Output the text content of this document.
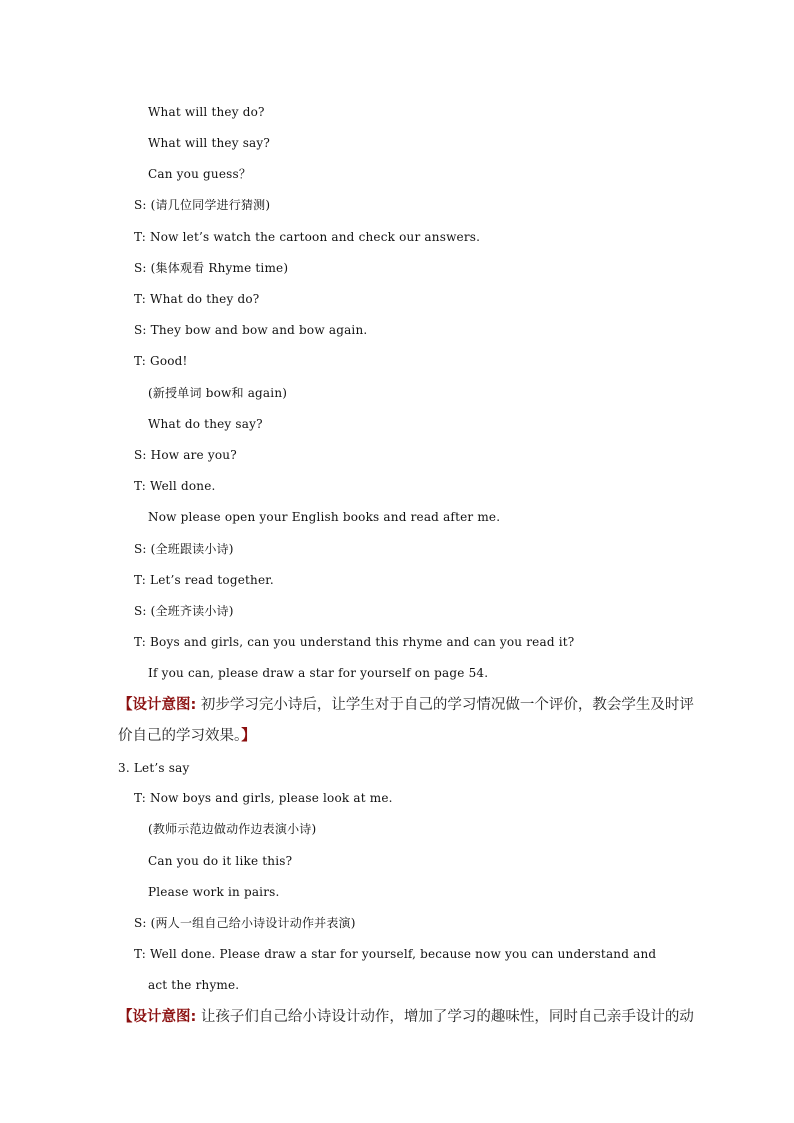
What will they do?
What will they say?
Can you guess？
S: (请几位同学进行猜测)
T: Now let’s watch the cartoon and check our answers.
S: (集体观看 Rhyme time)
T: What do they do?
S: They bow and bow and bow again.
T: Good!
(新授单词 bow和 again)
What do they say?
S: How are you?
T: Well done.
Now please open your English books and read after me.
S: (全班跟读小诗)
T: Let’s read together.
S: (全班齐读小诗)
T: Boys and girls, can you understand this rhyme and can you read it?
If you can, please draw a star for yourself on page 54.
【设计意图: 初步学习完小诗后，让学生对于自己的学习情况做一个评价，教会学生及时评
价自己的学习效果。】
3. Let’s say
T: Now boys and girls, please look at me.
(教师示范边做动作边表演小诗)
Can you do it like this?
Please work in pairs.
S: (两人一组自己给小诗设计动作并表演)
T: Well done. Please draw a star for yourself, because now you can understand and
act the rhyme.
【设计意图: 让孩子们自己给小诗设计动作，增加了学习的趣味性，同时自己亲手设计的动
